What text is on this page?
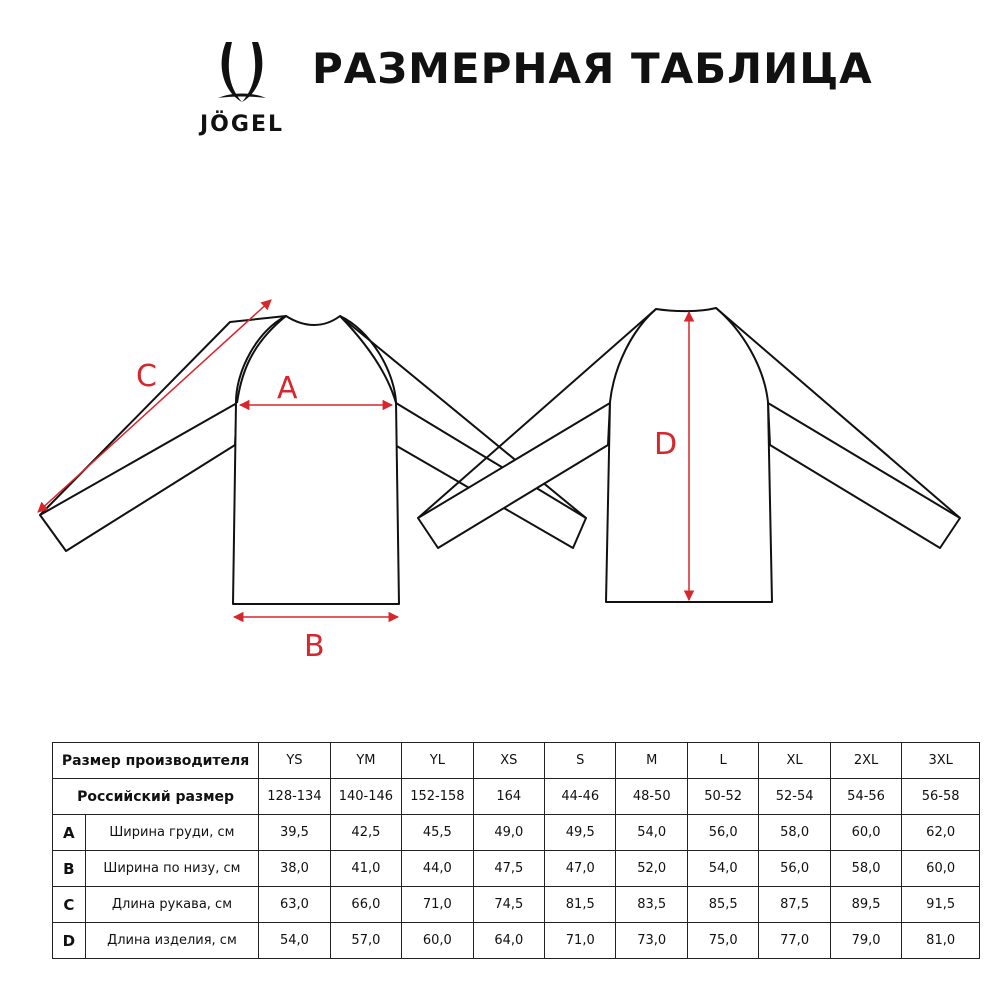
JÖGEL
РАЗМЕРНАЯ ТАБЛИЦА
A
B
C
D
Размер производителя		YS	YM	YL	XS	S	M	L	XL	2XL	3XL
Российский размер		128-134	140-146	152-158	164	44-46	48-50	50-52	52-54	54-56	56-58
A	Ширина груди, см	39,5	42,5	45,5	49,0	49,5	54,0	56,0	58,0	60,0	62,0
B	Ширина по низу, см	38,0	41,0	44,0	47,5	47,0	52,0	54,0	56,0	58,0	60,0
C	Длина рукава, см	63,0	66,0	71,0	74,5	81,5	83,5	85,5	87,5	89,5	91,5
D	Длина изделия, см	54,0	57,0	60,0	64,0	71,0	73,0	75,0	77,0	79,0	81,0
